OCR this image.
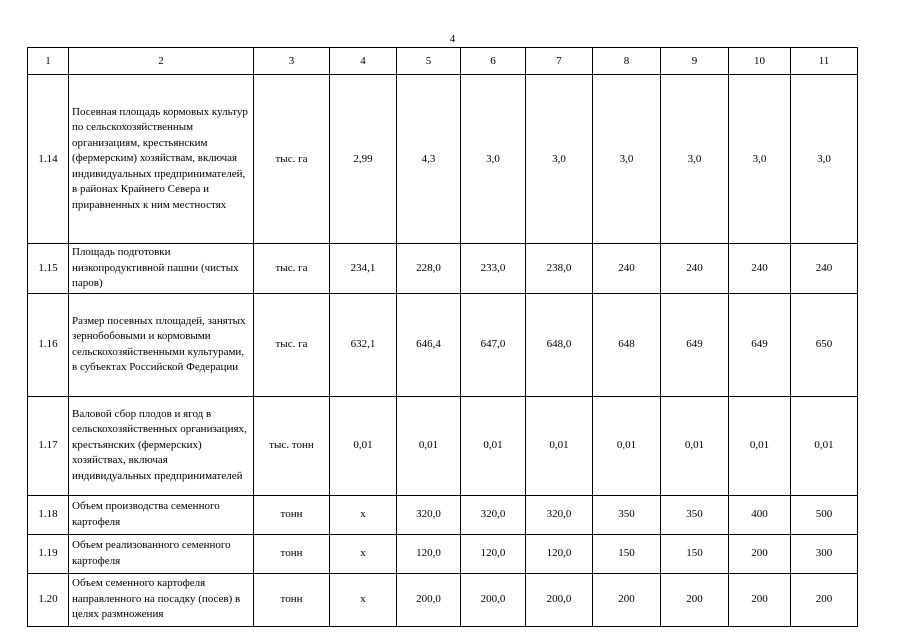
4
1	2	3	4	5	6	7	8	9	10	11
1.14	Посевная площадь кормовых культур по сельскохозяйственным организациям, крестьянским (фермерским) хозяйствам, включая индивидуальных предпринимателей, в районах Крайнего Севера и приравненных к ним местностях	тыс. га	2,99	4,3	3,0	3,0	3,0	3,0	3,0	3,0
1.15	Площадь подготовки низкопродуктивной пашни (чистых паров)	тыс. га	234,1	228,0	233,0	238,0	240	240	240	240
1.16	Размер посевных площадей, занятых зернобобовыми и кормовыми сельскохозяйственными культурами, в субъектах Российской Федерации	тыс. га	632,1	646,4	647,0	648,0	648	649	649	650
1.17	Валовой сбор плодов и ягод в сельскохозяйственных организациях, крестьянских (фермерских) хозяйствах, включая индивидуальных предпринимателей	тыс. тонн	0,01	0,01	0,01	0,01	0,01	0,01	0,01	0,01
1.18	Объем производства семенного картофеля	тонн	х	320,0	320,0	320,0	350	350	400	500
1.19	Объем реализованного семенного картофеля	тонн	х	120,0	120,0	120,0	150	150	200	300
1.20	Объем семенного картофеля направленного на посадку (посев) в целях размножения	тонн	х	200,0	200,0	200,0	200	200	200	200
